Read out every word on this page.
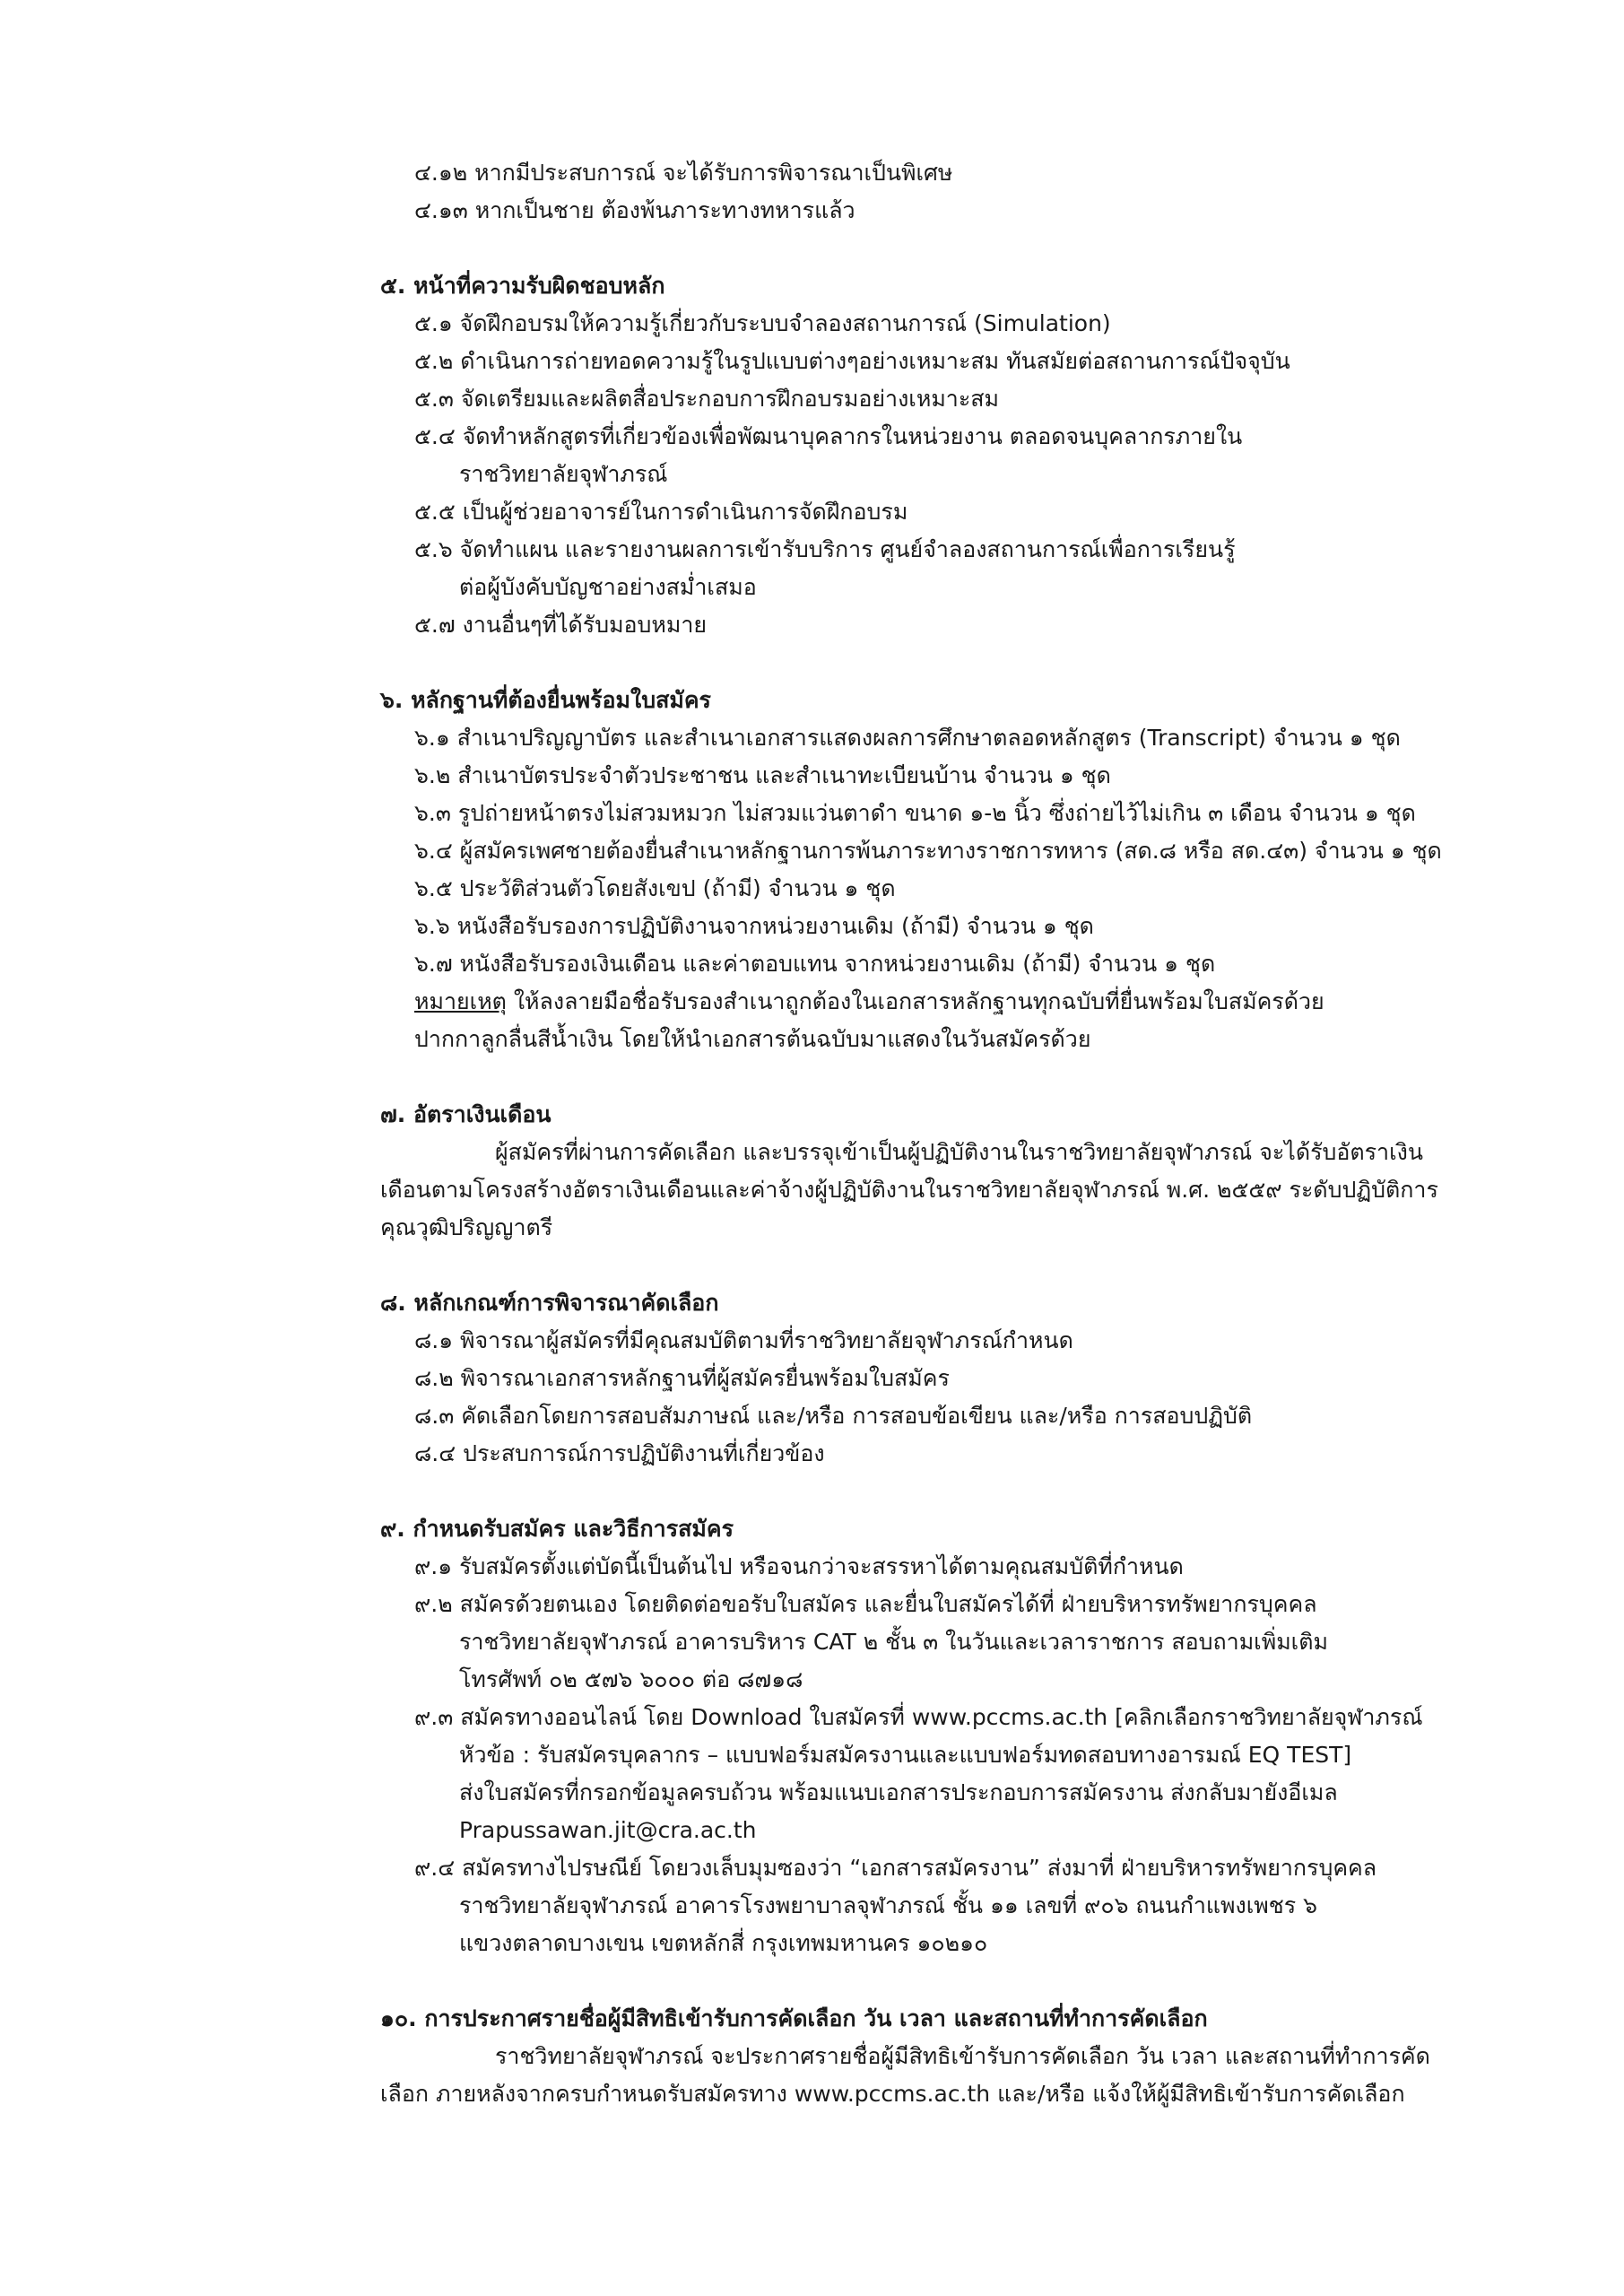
๔.๑๒ หากมีประสบการณ์ จะได้รับการพิจารณาเป็นพิเศษ
๔.๑๓ หากเป็นชาย ต้องพ้นภาระทางทหารแล้ว
๕. หน้าที่ความรับผิดชอบหลัก
๕.๑ จัดฝึกอบรมให้ความรู้เกี่ยวกับระบบจำลองสถานการณ์ (Simulation)
๕.๒ ดำเนินการถ่ายทอดความรู้ในรูปแบบต่างๆอย่างเหมาะสม ทันสมัยต่อสถานการณ์ปัจจุบัน
๕.๓ จัดเตรียมและผลิตสื่อประกอบการฝึกอบรมอย่างเหมาะสม
๕.๔ จัดทำหลักสูตรที่เกี่ยวข้องเพื่อพัฒนาบุคลากรในหน่วยงาน ตลอดจนบุคลากรภายใน
ราชวิทยาลัยจุฬาภรณ์
๕.๕ เป็นผู้ช่วยอาจารย์ในการดำเนินการจัดฝึกอบรม
๕.๖ จัดทำแผน และรายงานผลการเข้ารับบริการ ศูนย์จำลองสถานการณ์เพื่อการเรียนรู้
ต่อผู้บังคับบัญชาอย่างสม่ำเสมอ
๕.๗ งานอื่นๆที่ได้รับมอบหมาย
๖. หลักฐานที่ต้องยื่นพร้อมใบสมัคร
๖.๑ สำเนาปริญญาบัตร และสำเนาเอกสารแสดงผลการศึกษาตลอดหลักสูตร (Transcript) จำนวน ๑ ชุด
๖.๒ สำเนาบัตรประจำตัวประชาชน และสำเนาทะเบียนบ้าน จำนวน ๑ ชุด
๖.๓ รูปถ่ายหน้าตรงไม่สวมหมวก ไม่สวมแว่นตาดำ ขนาด ๑-๒ นิ้ว ซึ่งถ่ายไว้ไม่เกิน ๓ เดือน จำนวน ๑ ชุด
๖.๔ ผู้สมัครเพศชายต้องยื่นสำเนาหลักฐานการพ้นภาระทางราชการทหาร (สด.๘ หรือ สด.๔๓) จำนวน ๑ ชุด
๖.๕ ประวัติส่วนตัวโดยสังเขป (ถ้ามี) จำนวน ๑ ชุด
๖.๖ หนังสือรับรองการปฏิบัติงานจากหน่วยงานเดิม (ถ้ามี) จำนวน ๑ ชุด
๖.๗ หนังสือรับรองเงินเดือน และค่าตอบแทน จากหน่วยงานเดิม (ถ้ามี) จำนวน ๑ ชุด
หมายเหตุ ให้ลงลายมือชื่อรับรองสำเนาถูกต้องในเอกสารหลักฐานทุกฉบับที่ยื่นพร้อมใบสมัครด้วย
ปากกาลูกลื่นสีน้ำเงิน โดยให้นำเอกสารต้นฉบับมาแสดงในวันสมัครด้วย
๗. อัตราเงินเดือน
ผู้สมัครที่ผ่านการคัดเลือก และบรรจุเข้าเป็นผู้ปฏิบัติงานในราชวิทยาลัยจุฬาภรณ์ จะได้รับอัตราเงิน
เดือนตามโครงสร้างอัตราเงินเดือนและค่าจ้างผู้ปฏิบัติงานในราชวิทยาลัยจุฬาภรณ์ พ.ศ. ๒๕๕๙ ระดับปฏิบัติการ
คุณวุฒิปริญญาตรี
๘. หลักเกณฑ์การพิจารณาคัดเลือก
๘.๑ พิจารณาผู้สมัครที่มีคุณสมบัติตามที่ราชวิทยาลัยจุฬาภรณ์กำหนด
๘.๒ พิจารณาเอกสารหลักฐานที่ผู้สมัครยื่นพร้อมใบสมัคร
๘.๓ คัดเลือกโดยการสอบสัมภาษณ์ และ/หรือ การสอบข้อเขียน และ/หรือ การสอบปฏิบัติ
๘.๔ ประสบการณ์การปฏิบัติงานที่เกี่ยวข้อง
๙. กำหนดรับสมัคร และวิธีการสมัคร
๙.๑ รับสมัครตั้งแต่บัดนี้เป็นต้นไป หรือจนกว่าจะสรรหาได้ตามคุณสมบัติที่กำหนด
๙.๒ สมัครด้วยตนเอง โดยติดต่อขอรับใบสมัคร และยื่นใบสมัครได้ที่ ฝ่ายบริหารทรัพยากรบุคคล
ราชวิทยาลัยจุฬาภรณ์ อาคารบริหาร CAT ๒ ชั้น ๓ ในวันและเวลาราชการ สอบถามเพิ่มเติม
โทรศัพท์ ๐๒ ๕๗๖ ๖๐๐๐ ต่อ ๘๗๑๘
๙.๓ สมัครทางออนไลน์ โดย Download ใบสมัครที่ www.pccms.ac.th [คลิกเลือกราชวิทยาลัยจุฬาภรณ์
หัวข้อ : รับสมัครบุคลากร – แบบฟอร์มสมัครงานและแบบฟอร์มทดสอบทางอารมณ์ EQ TEST]
ส่งใบสมัครที่กรอกข้อมูลครบถ้วน พร้อมแนบเอกสารประกอบการสมัครงาน ส่งกลับมายังอีเมล
Prapussawan.jit@cra.ac.th
๙.๔ สมัครทางไปรษณีย์ โดยวงเล็บมุมซองว่า “เอกสารสมัครงาน” ส่งมาที่ ฝ่ายบริหารทรัพยากรบุคคล
ราชวิทยาลัยจุฬาภรณ์ อาคารโรงพยาบาลจุฬาภรณ์ ชั้น ๑๑ เลขที่ ๙๐๖ ถนนกำแพงเพชร ๖
แขวงตลาดบางเขน เขตหลักสี่ กรุงเทพมหานคร ๑๐๒๑๐
๑๐. การประกาศรายชื่อผู้มีสิทธิเข้ารับการคัดเลือก วัน เวลา และสถานที่ทำการคัดเลือก
ราชวิทยาลัยจุฬาภรณ์ จะประกาศรายชื่อผู้มีสิทธิเข้ารับการคัดเลือก วัน เวลา และสถานที่ทำการคัด
เลือก ภายหลังจากครบกำหนดรับสมัครทาง www.pccms.ac.th และ/หรือ แจ้งให้ผู้มีสิทธิเข้ารับการคัดเลือก
